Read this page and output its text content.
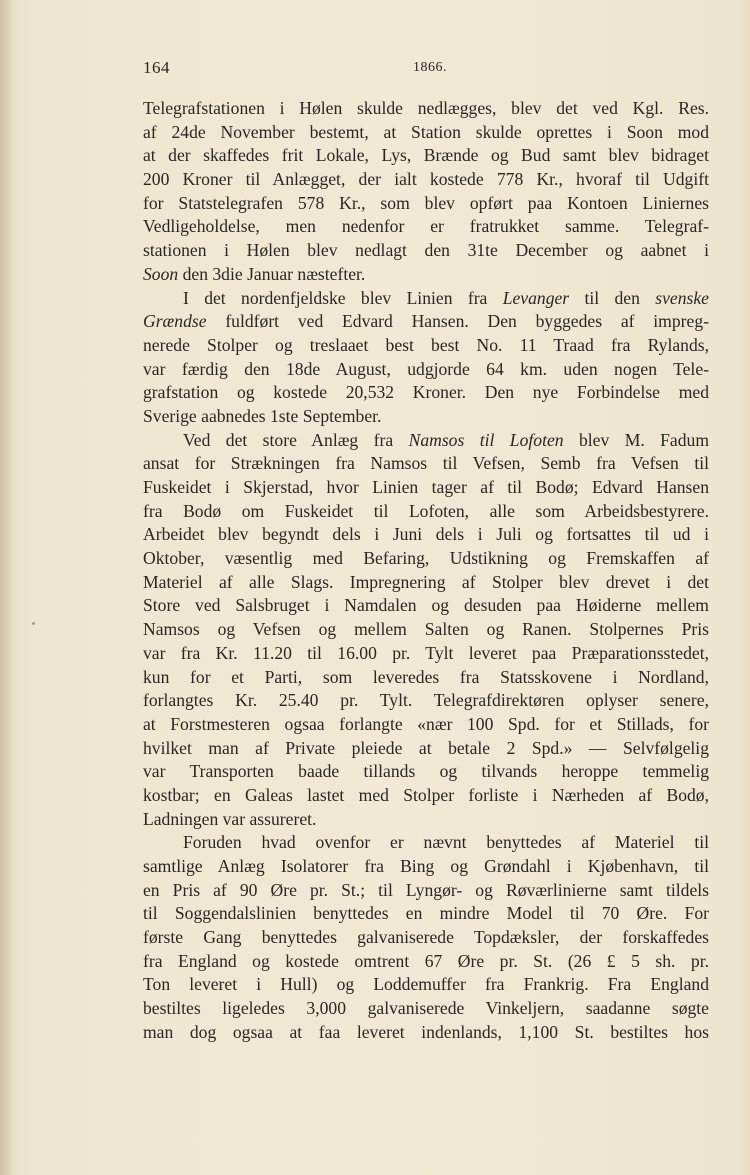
164	1866.
Telegrafstationen i Hølen skulde nedlægges, blev det ved Kgl. Res.
af 24de November bestemt, at Station skulde oprettes i Soon mod
at der skaffedes frit Lokale, Lys, Brænde og Bud samt blev bidraget
200 Kroner til Anlægget, der ialt kostede 778 Kr., hvoraf til Udgift
for Statstelegrafen 578 Kr., som blev opført paa Kontoen Liniernes
Vedligeholdelse, men nedenfor er fratrukket samme. Telegraf-
stationen i Hølen blev nedlagt den 31te December og aabnet i
Soon den 3die Januar næstefter.
I det nordenfjeldske blev Linien fra Levanger til den svenske
Grændse fuldført ved Edvard Hansen. Den byggedes af impreg-
nerede Stolper og treslaaet best best No. 11 Traad fra Rylands,
var færdig den 18de August, udgjorde 64 km. uden nogen Tele-
grafstation og kostede 20,532 Kroner. Den nye Forbindelse med
Sverige aabnedes 1ste September.
Ved det store Anlæg fra Namsos til Lofoten blev M. Fadum
ansat for Strækningen fra Namsos til Vefsen, Semb fra Vefsen til
Fuskeidet i Skjerstad, hvor Linien tager af til Bodø; Edvard Hansen
fra Bodø om Fuskeidet til Lofoten, alle som Arbeidsbestyrere.
Arbeidet blev begyndt dels i Juni dels i Juli og fortsattes til ud i
Oktober, væsentlig med Befaring, Udstikning og Fremskaffen af
Materiel af alle Slags. Impregnering af Stolper blev drevet i det
Store ved Salsbruget i Namdalen og desuden paa Høiderne mellem
Namsos og Vefsen og mellem Salten og Ranen. Stolpernes Pris
var fra Kr. 11.20 til 16.00 pr. Tylt leveret paa Præparationsstedet,
kun for et Parti, som leveredes fra Statsskovene i Nordland,
forlangtes Kr. 25.40 pr. Tylt. Telegrafdirektøren oplyser senere,
at Forstmesteren ogsaa forlangte «nær 100 Spd. for et Stillads, for
hvilket man af Private pleiede at betale 2 Spd.» — Selvfølgelig
var Transporten baade tillands og tilvands heroppe temmelig
kostbar; en Galeas lastet med Stolper forliste i Nærheden af Bodø,
Ladningen var assureret.
Foruden hvad ovenfor er nævnt benyttedes af Materiel til
samtlige Anlæg Isolatorer fra Bing og Grøndahl i Kjøbenhavn, til
en Pris af 90 Øre pr. St.; til Lyngør- og Røværlinierne samt tildels
til Soggendalslinien benyttedes en mindre Model til 70 Øre. For
første Gang benyttedes galvaniserede Topdæksler, der forskaffedes
fra England og kostede omtrent 67 Øre pr. St. (26 £ 5 sh. pr.
Ton leveret i Hull) og Loddemuffer fra Frankrig. Fra England
bestiltes ligeledes 3,000 galvaniserede Vinkeljern, saadanne søgte
man dog ogsaa at faa leveret indenlands, 1,100 St. bestiltes hos
